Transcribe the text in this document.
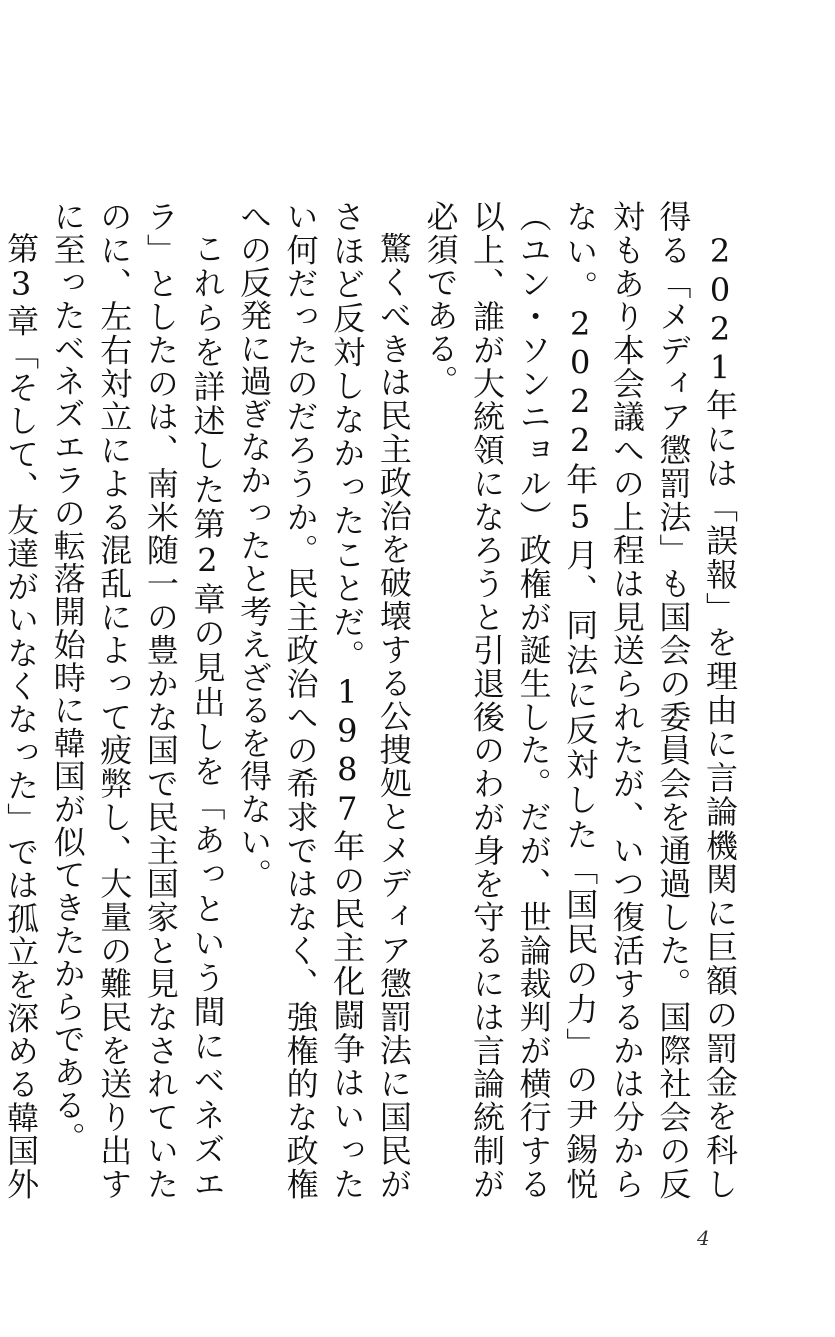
2021年には「誤報」を理由に言論機関に巨額の罰金を科し得る「メディア懲罰法」も国会の委員会を通過した。国際社会の反対もあり本会議への上程は見送られたが、いつ復活するかは分からない。2022年5月、同法に反対した「国民の力」の尹錫悦（ユン・ソンニョル）政権が誕生した。だが、世論裁判が横行する以上、誰が大統領になろうと引退後のわが身を守るには言論統制が必須である。

驚くべきは民主政治を破壊する公捜処とメディア懲罰法に国民がさほど反対しなかったことだ。1987年の民主化闘争はいったい何だったのだろうか。民主政治への希求ではなく、強権的な政権への反発に過ぎなかったと考えざるを得ない。

これらを詳述した第2章の見出しを「あっという間にベネズエラ」としたのは、南米随一の豊かな国で民主国家と見なされていたのに、左右対立による混乱によって疲弊し、大量の難民を送り出すに至ったベネズエラの転落開始時に韓国が似てきたからである。

第3章「そして、友達がいなくなった」では孤立を深める韓国外

4
